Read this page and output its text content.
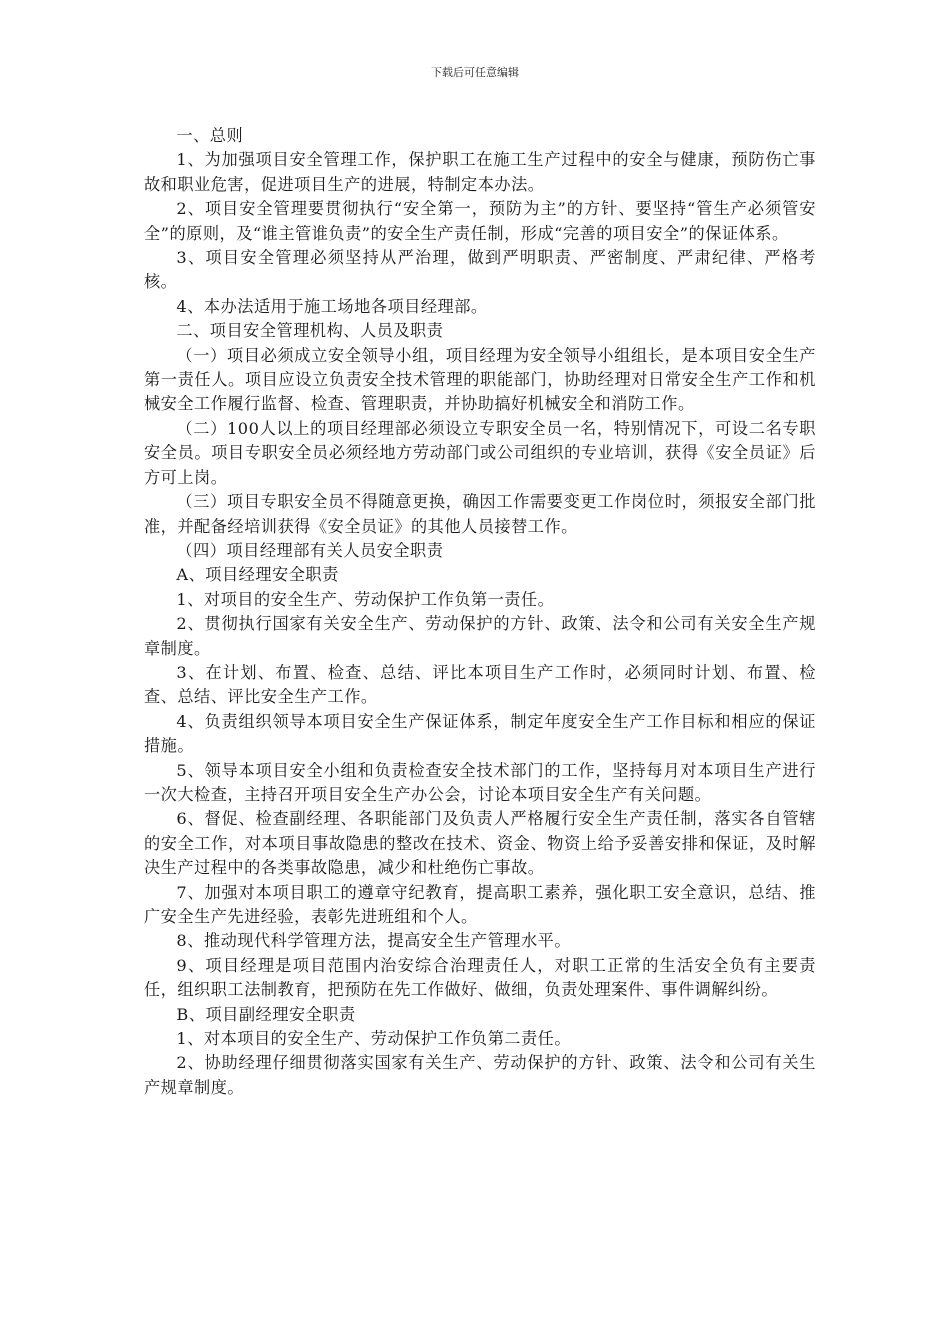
下载后可任意编辑

一、总则

1、为加强项目安全管理工作，保护职工在施工生产过程中的安全与健康，预防伤亡事故和职业危害，促进项目生产的进展，特制定本办法。

2、项目安全管理要贯彻执行“安全第一，预防为主”的方针、要坚持“管生产必须管安全”的原则，及“谁主管谁负责”的安全生产责任制，形成“完善的项目安全”的保证体系。

3、项目安全管理必须坚持从严治理，做到严明职责、严密制度、严肃纪律、严格考核。

4、本办法适用于施工场地各项目经理部。

二、项目安全管理机构、人员及职责

（一）项目必须成立安全领导小组，项目经理为安全领导小组组长，是本项目安全生产第一责任人。项目应设立负责安全技术管理的职能部门，协助经理对日常安全生产工作和机械安全工作履行监督、检查、管理职责，并协助搞好机械安全和消防工作。

（二）100人以上的项目经理部必须设立专职安全员一名，特别情况下，可设二名专职安全员。项目专职安全员必须经地方劳动部门或公司组织的专业培训，获得《安全员证》后方可上岗。

（三）项目专职安全员不得随意更换，确因工作需要变更工作岗位时，须报安全部门批准，并配备经培训获得《安全员证》的其他人员接替工作。

（四）项目经理部有关人员安全职责

A、项目经理安全职责

1、对项目的安全生产、劳动保护工作负第一责任。

2、贯彻执行国家有关安全生产、劳动保护的方针、政策、法令和公司有关安全生产规章制度。

3、在计划、布置、检查、总结、评比本项目生产工作时，必须同时计划、布置、检查、总结、评比安全生产工作。

4、负责组织领导本项目安全生产保证体系，制定年度安全生产工作目标和相应的保证措施。

5、领导本项目安全小组和负责检查安全技术部门的工作，坚持每月对本项目生产进行一次大检查，主持召开项目安全生产办公会，讨论本项目安全生产有关问题。

6、督促、检查副经理、各职能部门及负责人严格履行安全生产责任制，落实各自管辖的安全工作，对本项目事故隐患的整改在技术、资金、物资上给予妥善安排和保证，及时解决生产过程中的各类事故隐患，减少和杜绝伤亡事故。

7、加强对本项目职工的遵章守纪教育，提高职工素养，强化职工安全意识，总结、推广安全生产先进经验，表彰先进班组和个人。

8、推动现代科学管理方法，提高安全生产管理水平。

9、项目经理是项目范围内治安综合治理责任人，对职工正常的生活安全负有主要责任，组织职工法制教育，把预防在先工作做好、做细，负责处理案件、事件调解纠纷。

B、项目副经理安全职责

1、对本项目的安全生产、劳动保护工作负第二责任。

2、协助经理仔细贯彻落实国家有关生产、劳动保护的方针、政策、法令和公司有关生产规章制度。
